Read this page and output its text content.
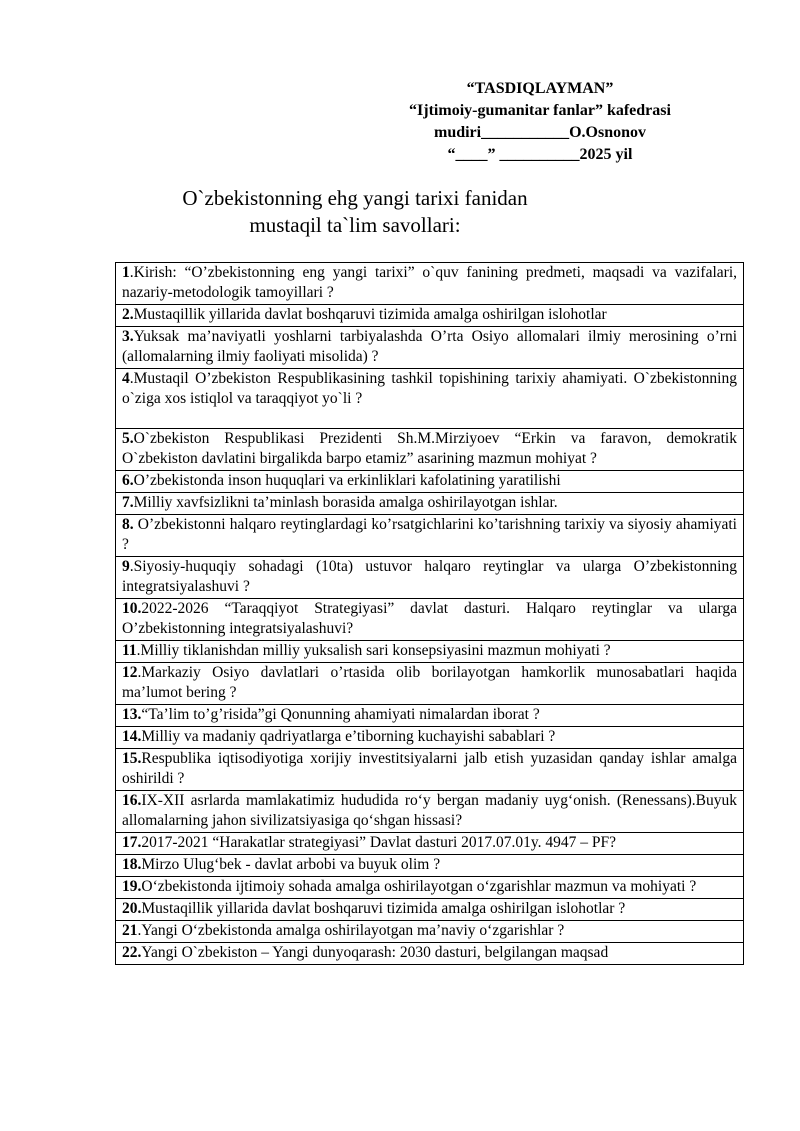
“TASDIQLAYMAN”
“Ijtimoiy-gumanitar fanlar” kafedrasi
mudiri___________O.Osnonov
“____” __________2025 yil
O`zbekistonning ehg yangi tarixi fanidan
mustaqil ta`lim savollari:
1.Kirish: “O’zbekistonning eng yangi tarixi” o`quv fanining predmeti, maqsadi va vazifalari, nazariy-metodologik tamoyillari ?
2.Mustaqillik yillarida davlat boshqaruvi tizimida amalga oshirilgan islohotlar
3.Yuksak ma’naviyatli yoshlarni tarbiyalashda O’rta Osiyo allomalari ilmiy merosining o’rni (allomalarning ilmiy faoliyati misolida) ?
4.Mustaqil O’zbekiston Respublikasining tashkil topishining tarixiy ahamiyati. O`zbekistonning o`ziga xos istiqlol va taraqqiyot yo`li ?
5.O`zbekiston Respublikasi Prezidenti Sh.M.Mirziyoev “Erkin va faravon, demokratik O`zbekiston davlatini birgalikda barpo etamiz” asarining mazmun mohiyat ?
6.O’zbekistonda inson huquqlari va erkinliklari kafolatining yaratilishi
7.Milliy xavfsizlikni ta’minlash borasida amalga oshirilayotgan ishlar.
8. O’zbekistonni halqaro reytinglardagi ko’rsatgichlarini ko’tarishning tarixiy va siyosiy ahamiyati ?
9.Siyosiy-huquqiy sohadagi (10ta) ustuvor halqaro reytinglar va ularga O’zbekistonning integratsiyalashuvi ?
10.2022-2026 “Taraqqiyot Strategiyasi” davlat dasturi. Halqaro reytinglar va ularga O’zbekistonning integratsiyalashuvi?
11.Milliy tiklanishdan milliy yuksalish sari konsepsiyasini mazmun mohiyati ?
12.Markaziy Osiyo davlatlari o’rtasida olib borilayotgan hamkorlik munosabatlari haqida ma’lumot bering ?
13.“Ta’lim to’g’risida”gi Qonunning ahamiyati nimalardan iborat ?
14.Milliy va madaniy qadriyatlarga e’tiborning kuchayishi sabablari ?
15.Respublika iqtisodiyotiga xorijiy investitsiyalarni jalb etish yuzasidan qanday ishlar amalga oshirildi ?
16.IX-XII asrlarda mamlakatimiz hududida ro‘y bergan madaniy uyg‘onish. (Renessans).Buyuk allomalarning jahon sivilizatsiyasiga qo‘shgan hissasi?
17.2017-2021 “Harakatlar strategiyasi” Davlat dasturi 2017.07.01y. 4947 – PF?
18.Mirzo Ulug‘bek - davlat arbobi va buyuk olim ?
19.O‘zbekistonda ijtimoiy sohada amalga oshirilayotgan o‘zgarishlar mazmun va mohiyati ?
20.Mustaqillik yillarida davlat boshqaruvi tizimida amalga oshirilgan islohotlar ?
21.Yangi O‘zbekistonda amalga oshirilayotgan ma’naviy o‘zgarishlar ?
22.Yangi O`zbekiston – Yangi dunyoqarash: 2030 dasturi, belgilangan maqsad
